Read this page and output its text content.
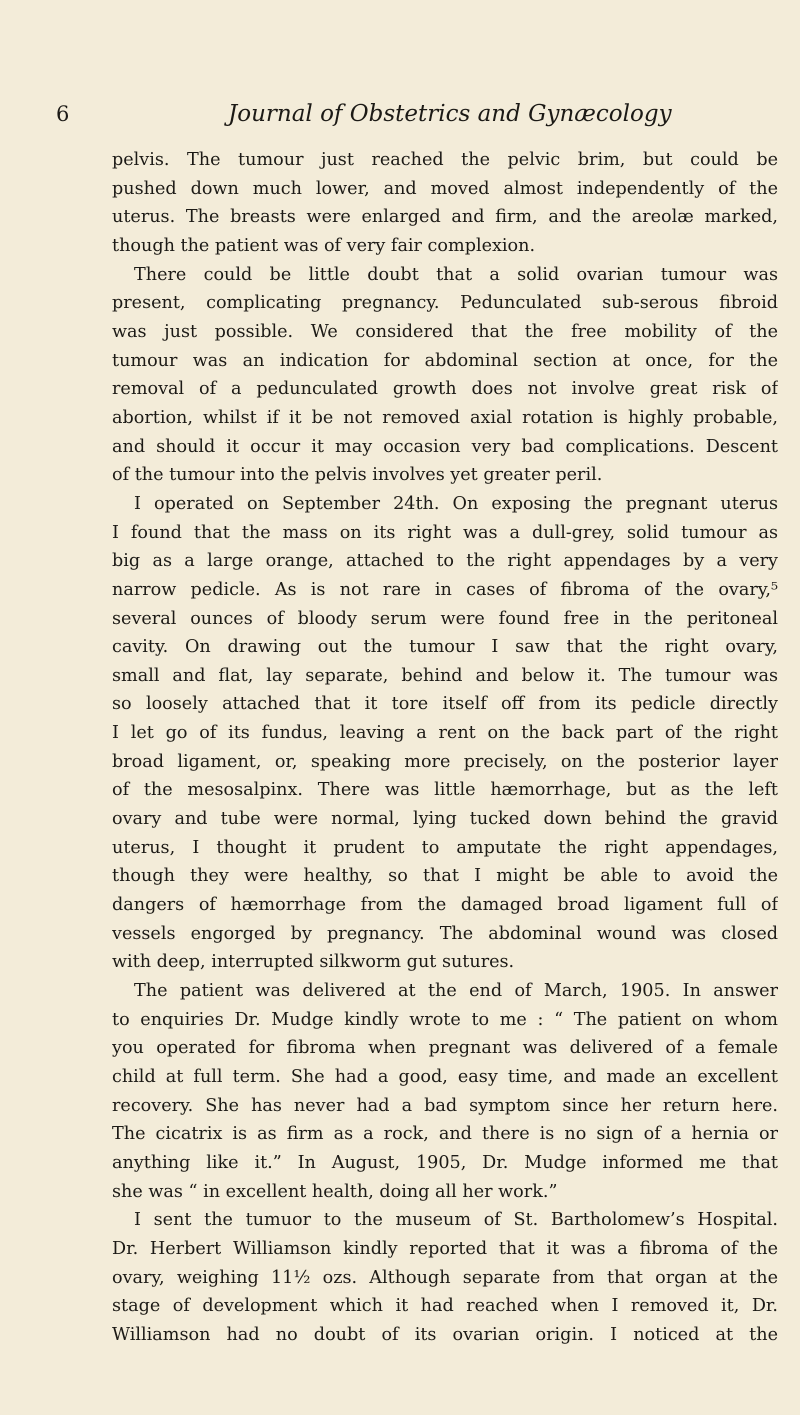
6	Journal of Obstetrics and Gynæcology
pelvis. The tumour just reached the pelvic brim, but could be
pushed down much lower, and moved almost independently of the
uterus. The breasts were enlarged and firm, and the areolæ marked,
though the patient was of very fair complexion.
There could be little doubt that a solid ovarian tumour was
present, complicating pregnancy. Pedunculated sub-serous fibroid
was just possible. We considered that the free mobility of the
tumour was an indication for abdominal section at once, for the
removal of a pedunculated growth does not involve great risk of
abortion, whilst if it be not removed axial rotation is highly probable,
and should it occur it may occasion very bad complications. Descent
of the tumour into the pelvis involves yet greater peril.
I operated on September 24th. On exposing the pregnant uterus
I found that the mass on its right was a dull-grey, solid tumour as
big as a large orange, attached to the right appendages by a very
narrow pedicle. As is not rare in cases of fibroma of the ovary,⁵
several ounces of bloody serum were found free in the peritoneal
cavity. On drawing out the tumour I saw that the right ovary,
small and flat, lay separate, behind and below it. The tumour was
so loosely attached that it tore itself off from its pedicle directly
I let go of its fundus, leaving a rent on the back part of the right
broad ligament, or, speaking more precisely, on the posterior layer
of the mesosalpinx. There was little hæmorrhage, but as the left
ovary and tube were normal, lying tucked down behind the gravid
uterus, I thought it prudent to amputate the right appendages,
though they were healthy, so that I might be able to avoid the
dangers of hæmorrhage from the damaged broad ligament full of
vessels engorged by pregnancy. The abdominal wound was closed
with deep, interrupted silkworm gut sutures.
The patient was delivered at the end of March, 1905. In answer
to enquiries Dr. Mudge kindly wrote to me : “ The patient on whom
you operated for fibroma when pregnant was delivered of a female
child at full term. She had a good, easy time, and made an excellent
recovery. She has never had a bad symptom since her return here.
The cicatrix is as firm as a rock, and there is no sign of a hernia or
anything like it.” In August, 1905, Dr. Mudge informed me that
she was “ in excellent health, doing all her work.”
I sent the tumuor to the museum of St. Bartholomew’s Hospital.
Dr. Herbert Williamson kindly reported that it was a fibroma of the
ovary, weighing 11½ ozs. Although separate from that organ at the
stage of development which it had reached when I removed it, Dr.
Williamson had no doubt of its ovarian origin. I noticed at the
